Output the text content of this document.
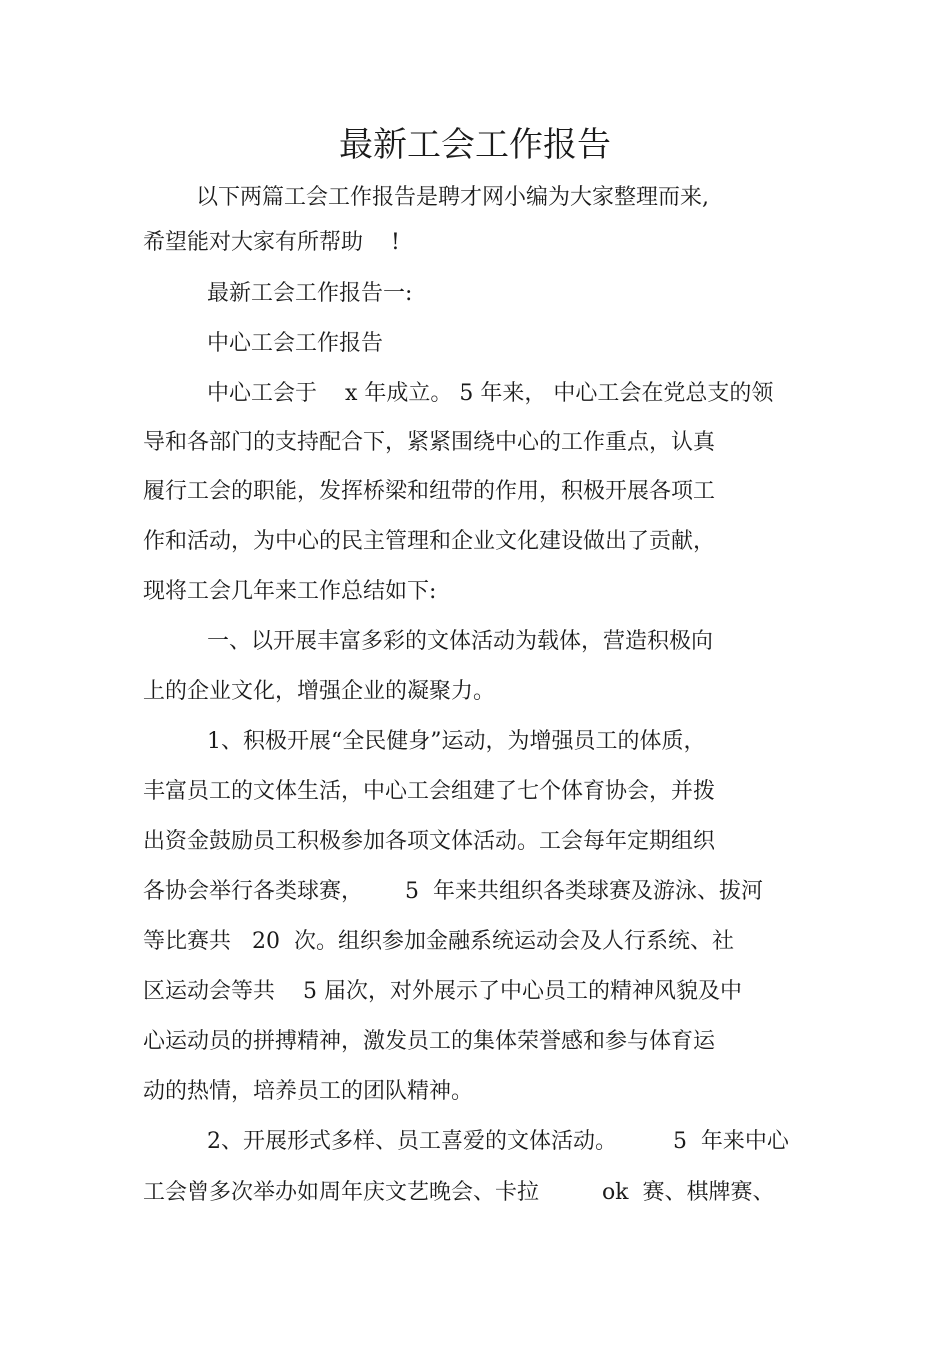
最新工会工作报告
以下两篇工会工作报告是聘才网小编为大家整理而来,
希望能对大家有所帮助    !
最新工会工作报告一:
中心工会工作报告
中心工会于    x 年成立。 5 年来， 中心工会在党总支的领
导和各部门的支持配合下，紧紧围绕中心的工作重点，认真
履行工会的职能，发挥桥梁和纽带的作用，积极开展各项工
作和活动，为中心的民主管理和企业文化建设做出了贡献，
现将工会几年来工作总结如下:
一、以开展丰富多彩的文体活动为载体，营造积极向
上的企业文化，增强企业的凝聚力。
1、积极开展“全民健身”运动，为增强员工的体质，
丰富员工的文体生活，中心工会组建了七个体育协会，并拨
出资金鼓励员工积极参加各项文体活动。工会每年定期组织
各协会举行各类球赛，      5  年来共组织各类球赛及游泳、拔河
等比赛共   20  次。组织参加金融系统运动会及人行系统、社
区运动会等共    5 届次，对外展示了中心员工的精神风貌及中
心运动员的拼搏精神，激发员工的集体荣誉感和参与体育运
动的热情，培养员工的团队精神。
2、开展形式多样、员工喜爱的文体活动。        5  年来中心
工会曾多次举办如周年庆文艺晚会、卡拉         ok  赛、棋牌赛、
